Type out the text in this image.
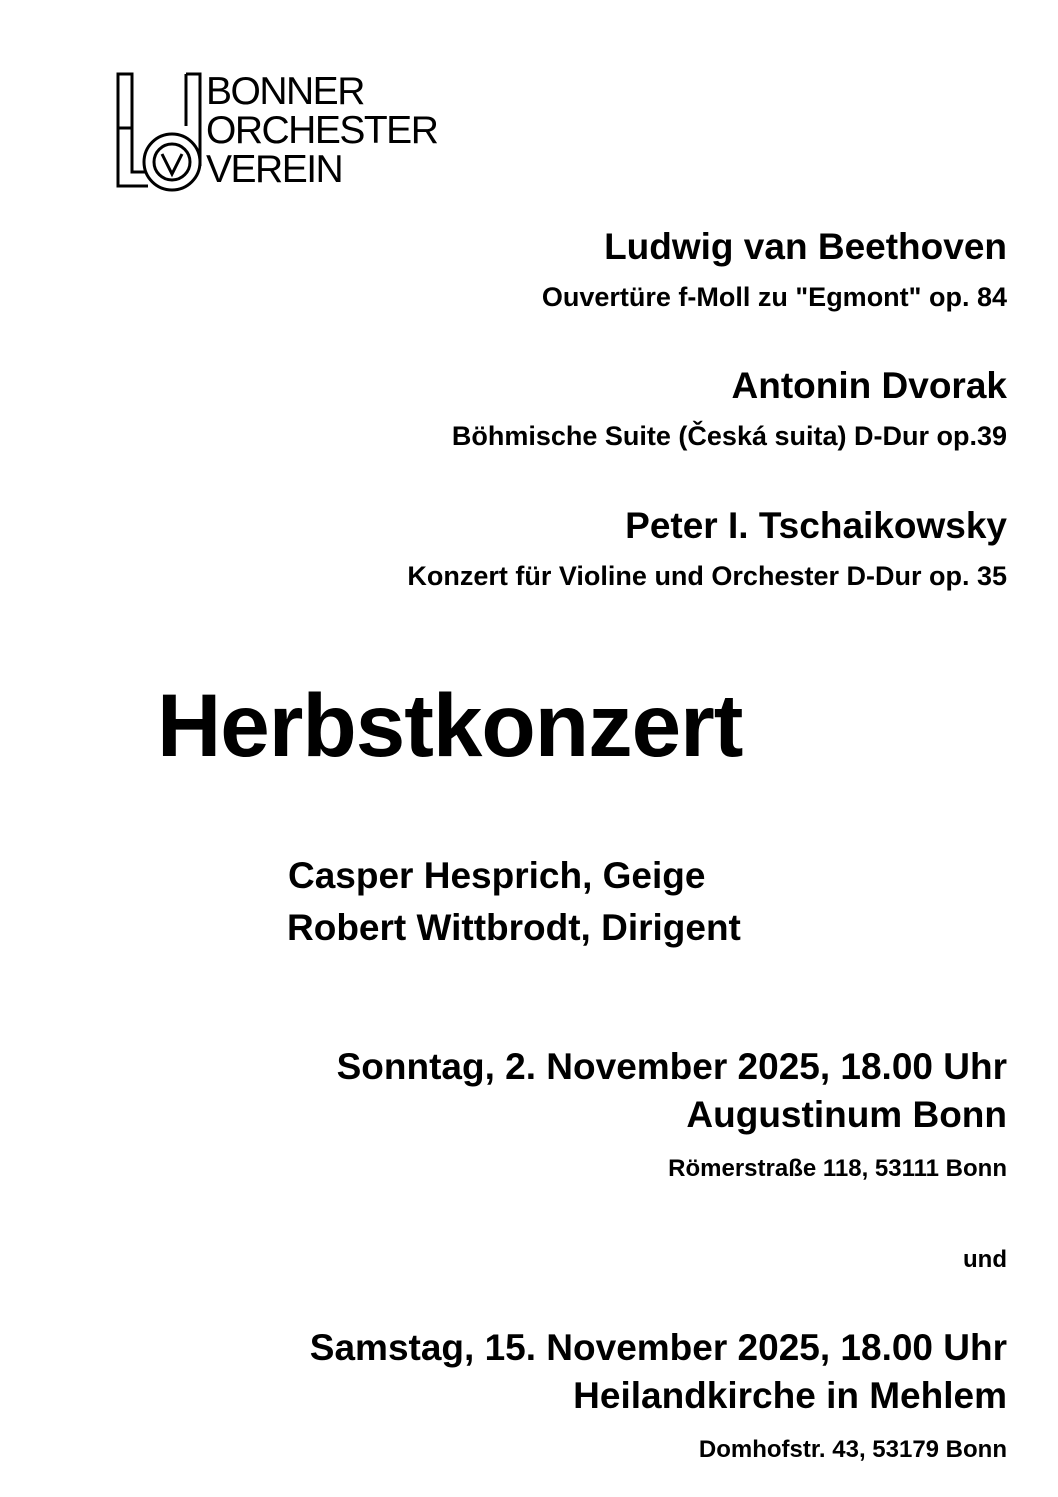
BONNER
ORCHESTER
VEREIN
Ludwig van Beethoven
Ouvertüre f-Moll zu "Egmont" op. 84
Antonin Dvorak
Böhmische Suite (Česká suita) D-Dur op.39
Peter I. Tschaikowsky
Konzert für Violine und Orchester D-Dur op. 35
Herbstkonzert
Casper Hesprich, Geige
Robert Wittbrodt, Dirigent
Sonntag, 2. November 2025, 18.00 Uhr
Augustinum Bonn
Römerstraße 118, 53111 Bonn
und
Samstag, 15. November 2025, 18.00 Uhr
Heilandkirche in Mehlem
Domhofstr. 43, 53179 Bonn
